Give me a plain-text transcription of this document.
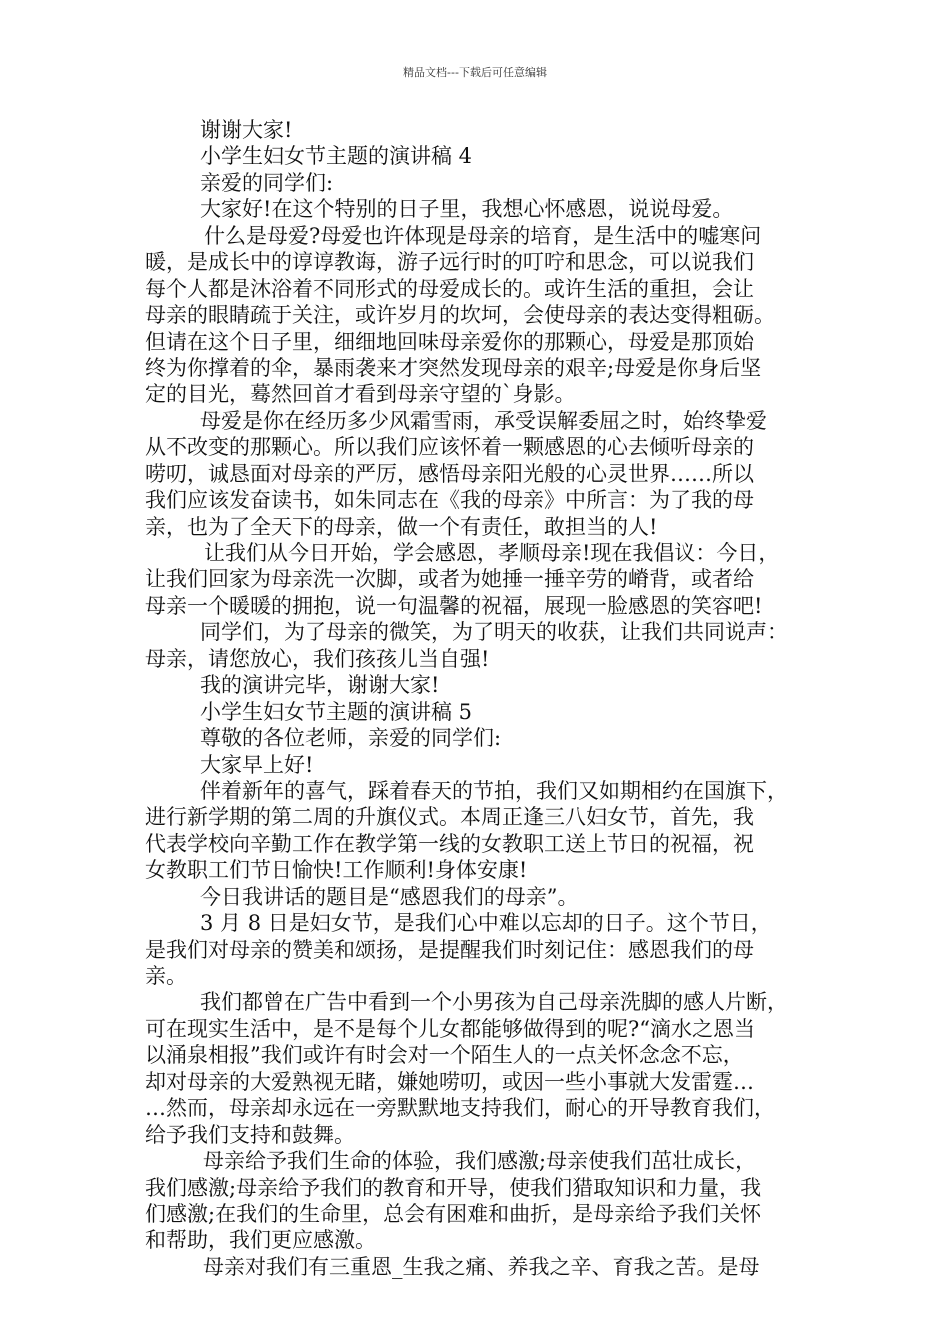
精品文档---下载后可任意编辑
谢谢大家!
小学生妇女节主题的演讲稿 4
亲爱的同学们:
大家好!在这个特别的日子里，我想心怀感恩，说说母爱。
什么是母爱?母爱也许体现是母亲的培育，是生活中的嘘寒问
暖，是成长中的谆谆教诲，游子远行时的叮咛和思念，可以说我们
每个人都是沐浴着不同形式的母爱成长的。或许生活的重担，会让
母亲的眼睛疏于关注，或许岁月的坎坷，会使母亲的表达变得粗砺。
但请在这个日子里，细细地回味母亲爱你的那颗心，母爱是那顶始
终为你撑着的伞，暴雨袭来才突然发现母亲的艰辛;母爱是你身后坚
定的目光，蓦然回首才看到母亲守望的`身影。
母爱是你在经历多少风霜雪雨，承受误解委屈之时，始终挚爱
从不改变的那颗心。所以我们应该怀着一颗感恩的心去倾听母亲的
唠叨，诚恳面对母亲的严厉，感悟母亲阳光般的心灵世界……所以
我们应该发奋读书，如朱同志在《我的母亲》中所言：为了我的母
亲，也为了全天下的母亲，做一个有责任，敢担当的人!
让我们从今日开始，学会感恩，孝顺母亲!现在我倡议：今日，
让我们回家为母亲洗一次脚，或者为她捶一捶辛劳的嵴背，或者给
母亲一个暖暖的拥抱，说一句温馨的祝福，展现一脸感恩的笑容吧!
同学们，为了母亲的微笑，为了明天的收获，让我们共同说声：
母亲，请您放心，我们孩孩儿当自强!
我的演讲完毕，谢谢大家!
小学生妇女节主题的演讲稿 5
尊敬的各位老师，亲爱的同学们:
大家早上好!
伴着新年的喜气，踩着春天的节拍，我们又如期相约在国旗下，
进行新学期的第二周的升旗仪式。本周正逢三八妇女节，首先，我
代表学校向辛勤工作在教学第一线的女教职工送上节日的祝福，祝
女教职工们节日愉快!工作顺利!身体安康!
今日我讲话的题目是“感恩我们的母亲”。
3 月 8 日是妇女节，是我们心中难以忘却的日子。这个节日，
是我们对母亲的赞美和颂扬，是提醒我们时刻记住：感恩我们的母
亲。
我们都曾在广告中看到一个小男孩为自己母亲洗脚的感人片断，
可在现实生活中，是不是每个儿女都能够做得到的呢?“滴水之恩当
以涌泉相报”我们或许有时会对一个陌生人的一点关怀念念不忘，
却对母亲的大爱熟视无睹，嫌她唠叨，或因一些小事就大发雷霆…
…然而，母亲却永远在一旁默默地支持我们，耐心的开导教育我们，
给予我们支持和鼓舞。
母亲给予我们生命的体验，我们感激;母亲使我们茁壮成长，
我们感激;母亲给予我们的教育和开导，使我们猎取知识和力量，我
们感激;在我们的生命里，总会有困难和曲折，是母亲给予我们关怀
和帮助，我们更应感激。
母亲对我们有三重恩_生我之痛、养我之辛、育我之苦。是母
